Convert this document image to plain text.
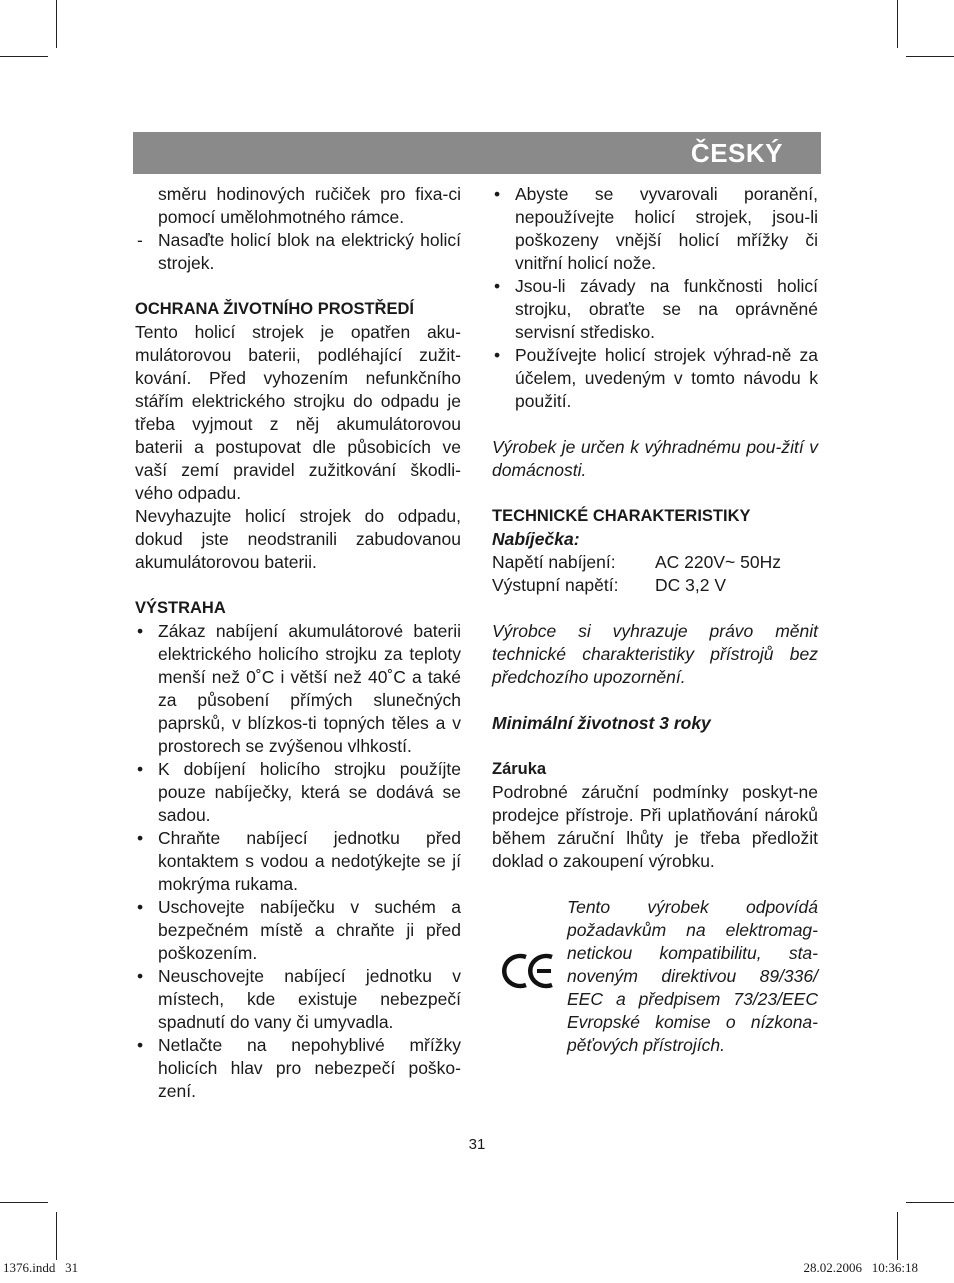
ČESKÝ
směru hodinových ručiček pro fixa-ci pomocí umělohmotného rámce.
- Nasaďte holicí blok na elektrický holicí strojek.

OCHRANA ŽIVOTNÍHO PROSTŘEDÍ

Tento holicí strojek je opatřen aku-mulátorovou baterii, podléhající zužit-kování. Před vyhozením nefunkčního stářím elektrického strojku do odpadu je třeba vyjmout z něj akumulátorovou baterii a postupovat dle působicích ve vaší zemí pravidel zužitkování škodli-vého odpadu.

Nevyhazujte holicí strojek do odpadu, dokud jste neodstranili zabudovanou akumulátorovou baterii.

VÝSTRAHA

• Zákaz nabíjení akumulátorové baterii elektrického holicího strojku za teploty menší než 0˚C i větší než 40˚C a také za působení přímých slunečných paprsků, v blízkos-ti topných těles a v prostorech se zvýšenou vlhkostí.
• K dobíjení holicího strojku použíjte pouze nabíječky, která se dodává se sadou.
• Chraňte nabíjecí jednotku před kontaktem s vodou a nedotýkejte se jí mokrýma rukama.
• Uschovejte nabíječku v suchém a bezpečném místě a chraňte ji před poškozením.
• Neuschovejte nabíjecí jednotku v místech, kde existuje nebezpečí spadnutí do vany či umyvadla.
• Netlačte na nepohyblivé mřížky holicích hlav pro nebezpečí poško-zení.
• Abyste se vyvarovali poranění, nepoužívejte holicí strojek, jsou-li poškozeny vnější holicí mřížky či vnitřní holicí nože.
• Jsou-li závady na funkčnosti holicí strojku, obraťte se na oprávněné servisní středisko.
• Používejte holicí strojek výhrad-ně za účelem, uvedeným v tomto návodu k použití.

Výrobek je určen k výhradnému pou-žití v domácnosti.

TECHNICKÉ CHARAKTERISTIKY

Nabíječka:

Napětí nabíjení:	AC 220V~ 50Hz
Výstupní napětí:	DC 3,2 V

Výrobce si vyhrazuje právo měnit technické charakteristiky přístrojů bez předchozího upozornění.

Minimální životnost 3 roky

Záruka

Podrobné záruční podmínky poskyt-ne prodejce přístroje. Při uplatňování nároků během záruční lhůty je třeba předložit doklad o zakoupení výrobku.

Tento výrobek odpovídá požadavkům na elektromag-netickou kompatibilitu, sta-noveným direktivou 89/336/ EEC a předpisem 73/23/EEC Evropské komise o nízkona-pěťových přístrojích.
31
1376.indd   31	28.02.2006   10:36:18
